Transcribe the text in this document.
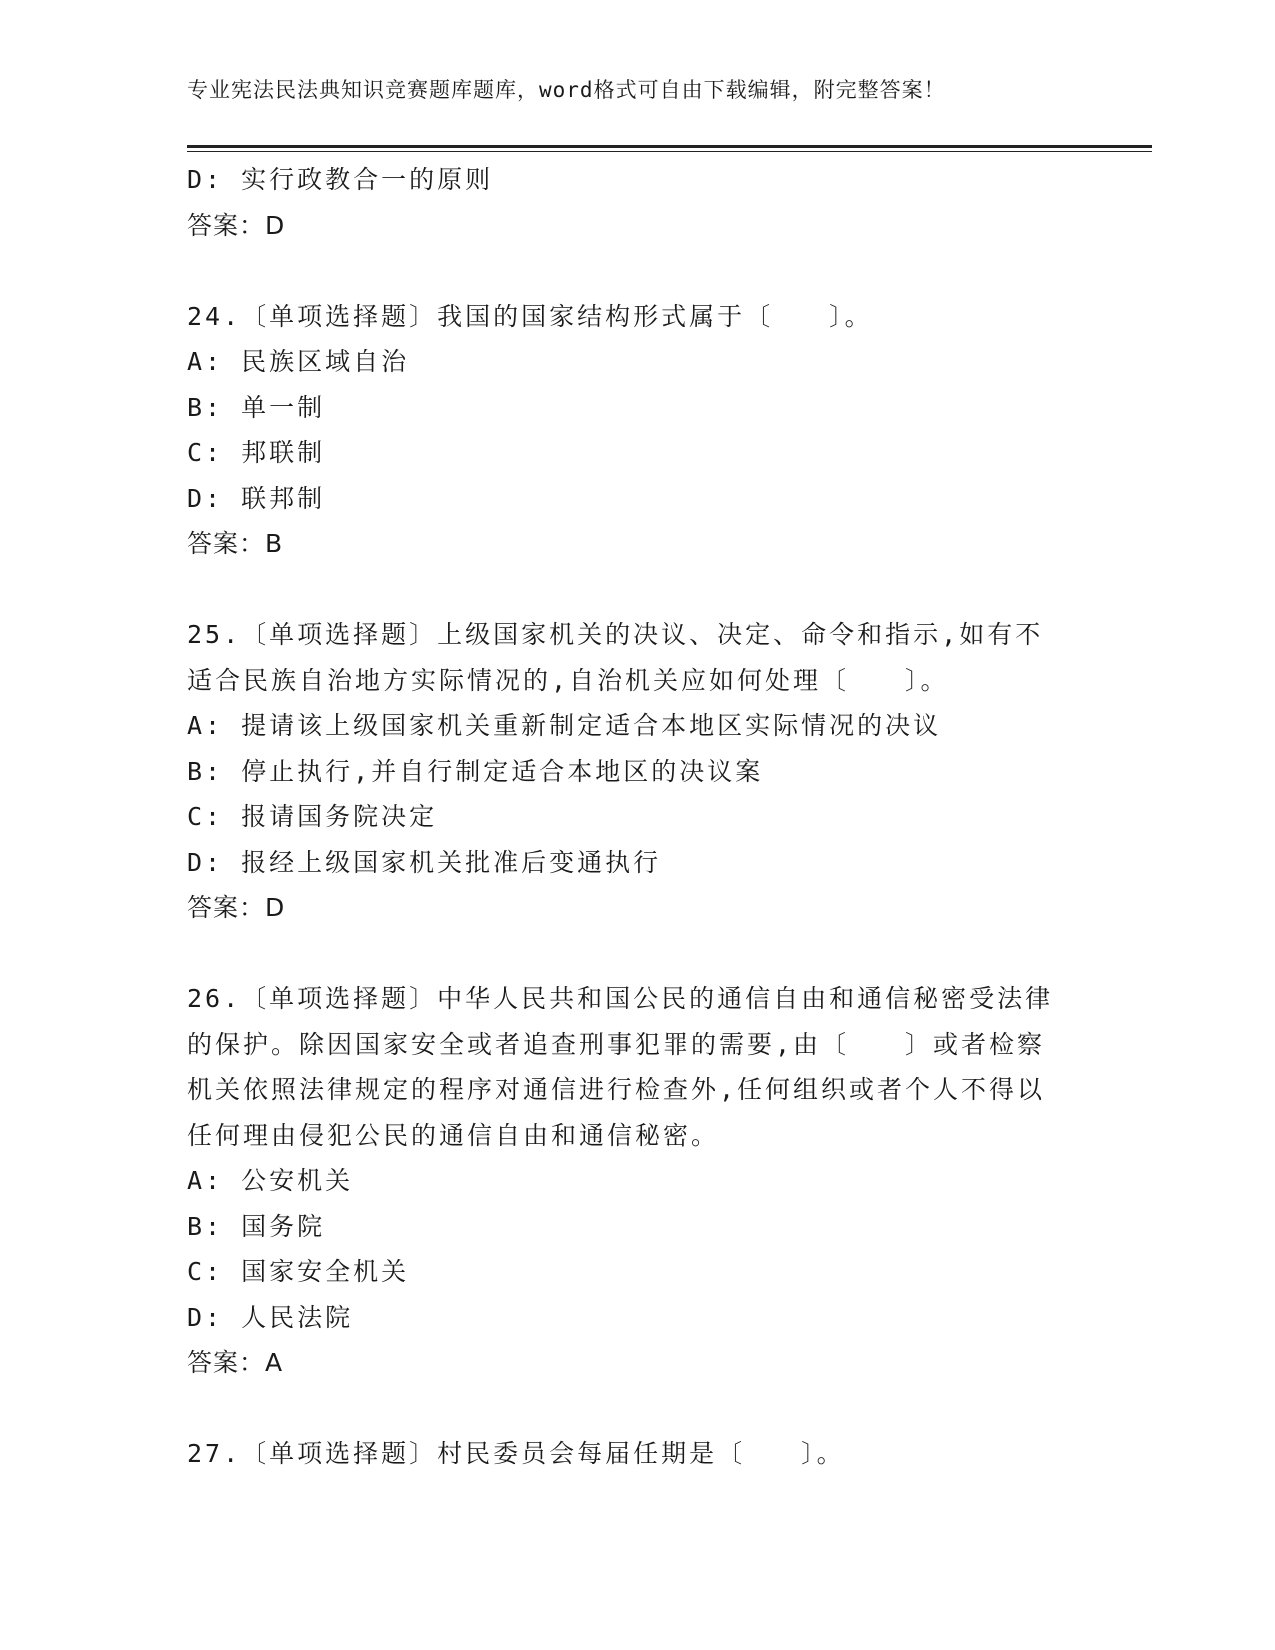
专业宪法民法典知识竞赛题库题库，word格式可自由下载编辑，附完整答案！
D: 实行政教合一的原则
答案：D
24.〔单项选择题〕我国的国家结构形式属于〔　　〕。
A: 民族区域自治
B: 单一制
C: 邦联制
D: 联邦制
答案：B
25.〔单项选择题〕上级国家机关的决议、决定、命令和指示,如有不
适合民族自治地方实际情况的,自治机关应如何处理〔　　〕。
A: 提请该上级国家机关重新制定适合本地区实际情况的决议
B: 停止执行,并自行制定适合本地区的决议案
C: 报请国务院决定
D: 报经上级国家机关批准后变通执行
答案：D
26.〔单项选择题〕中华人民共和国公民的通信自由和通信秘密受法律
的保护。除因国家安全或者追查刑事犯罪的需要,由〔　　〕或者检察
机关依照法律规定的程序对通信进行检查外,任何组织或者个人不得以
任何理由侵犯公民的通信自由和通信秘密。
A: 公安机关
B: 国务院
C: 国家安全机关
D: 人民法院
答案：A
27.〔单项选择题〕村民委员会每届任期是〔　　〕。
